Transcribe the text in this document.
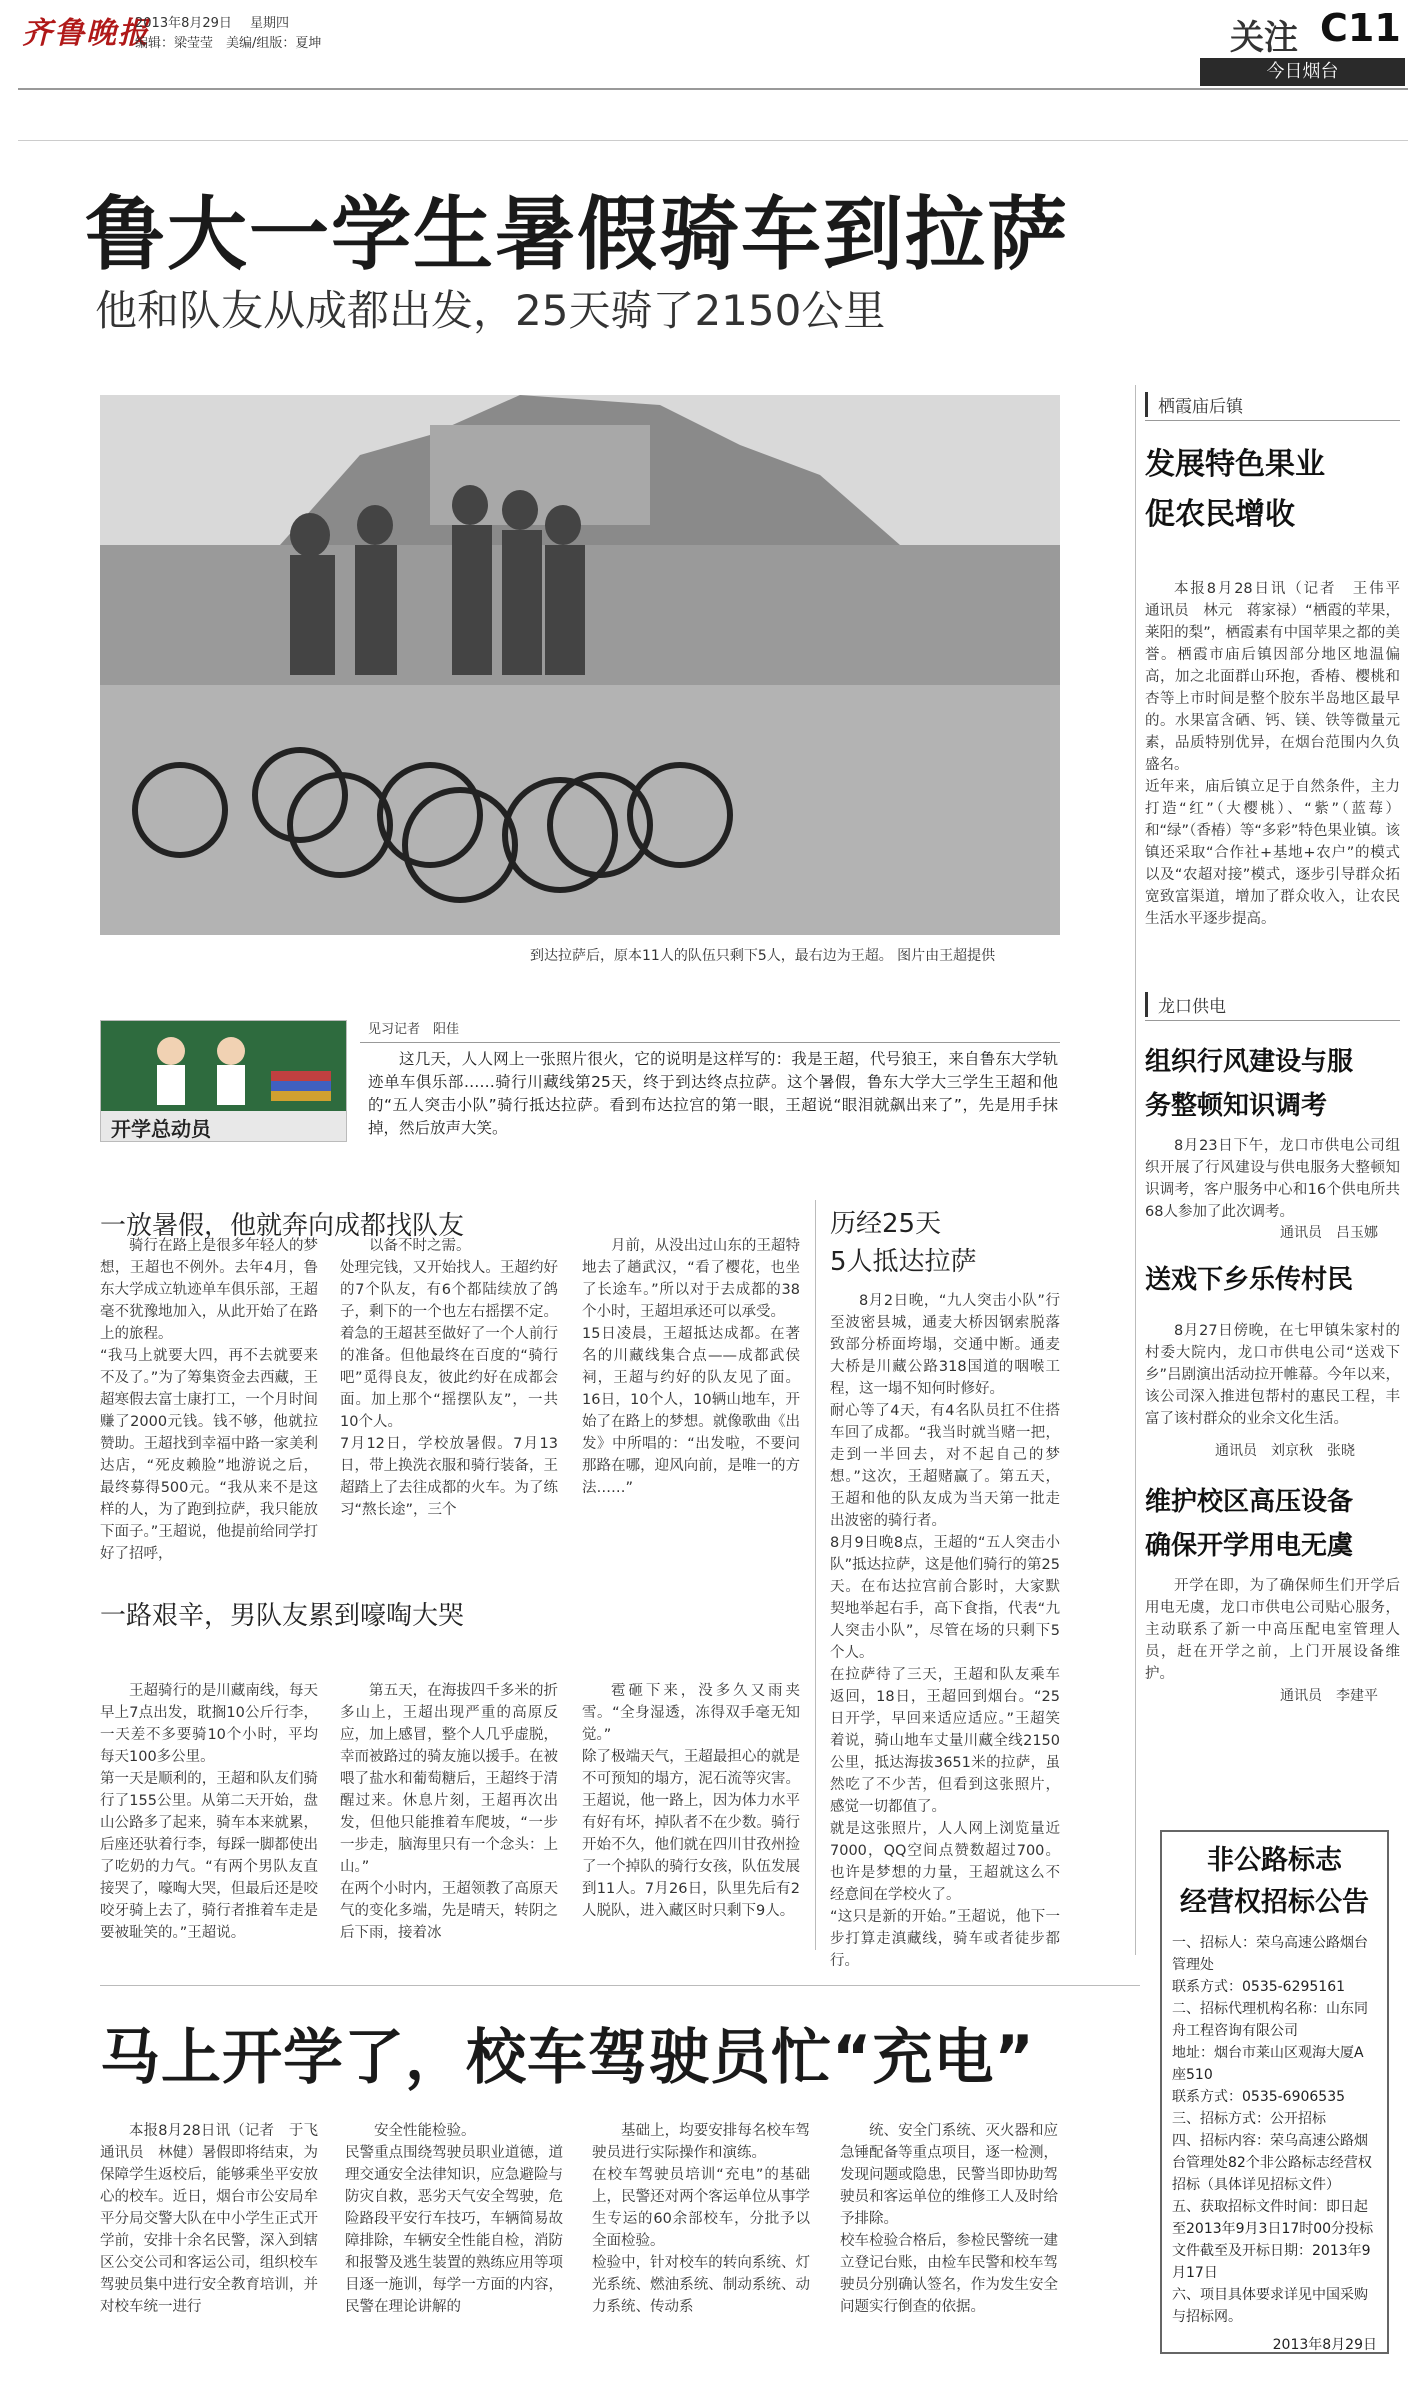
齐鲁晚报
2013年8月29日 星期四
编辑：梁莹莹　美编/组版：夏坤	关注 C11
今日烟台
鲁大一学生暑假骑车到拉萨
他和队友从成都出发，25天骑了2150公里
到达拉萨后，原本11人的队伍只剩下5人，最右边为王超。 图片由王超提供
开学总动员
见习记者　阳佳
这几天，人人网上一张照片很火，它的说明是这样写的：我是王超，代号狼王，来自鲁东大学轨迹单车俱乐部……骑行川藏线第25天，终于到达终点拉萨。这个暑假，鲁东大学大三学生王超和他的“五人突击小队”骑行抵达拉萨。看到布达拉宫的第一眼，王超说“眼泪就飙出来了”，先是用手抹掉，然后放声大笑。
一放暑假，他就奔向成都找队友
骑行在路上是很多年轻人的梦想，王超也不例外。去年4月，鲁东大学成立轨迹单车俱乐部，王超毫不犹豫地加入，从此开始了在路上的旅程。
“我马上就要大四，再不去就要来不及了。”为了筹集资金去西藏，王超寒假去富士康打工，一个月时间赚了2000元钱。钱不够，他就拉赞助。王超找到幸福中路一家美利达店，“死皮赖脸”地游说之后，最终募得500元。“我从来不是这样的人，为了跑到拉萨，我只能放下面子。”王超说，他提前给同学打好了招呼，
以备不时之需。
处理完钱，又开始找人。王超约好的7个队友，有6个都陆续放了鸽子，剩下的一个也左右摇摆不定。着急的王超甚至做好了一个人前行的准备。但他最终在百度的“骑行吧”觅得良友，彼此约好在成都会面。加上那个“摇摆队友”，一共10个人。
7月12日，学校放暑假。7月13日，带上换洗衣服和骑行装备，王超踏上了去往成都的火车。为了练习“熬长途”，三个
月前，从没出过山东的王超特地去了趟武汉，“看了樱花，也坐了长途车。”所以对于去成都的38个小时，王超坦承还可以承受。
15日凌晨，王超抵达成都。在著名的川藏线集合点——成都武侯祠，王超与约好的队友见了面。16日，10个人，10辆山地车，开始了在路上的梦想。就像歌曲《出发》中所唱的：“出发啦，不要问那路在哪，迎风向前，是唯一的方法……”
一路艰辛，男队友累到嚎啕大哭
王超骑行的是川藏南线，每天早上7点出发，耽搁10公斤行李，一天差不多要骑10个小时，平均每天100多公里。
第一天是顺利的，王超和队友们骑行了155公里。从第二天开始，盘山公路多了起来，骑车本来就累，后座还驮着行李，每踩一脚都使出了吃奶的力气。“有两个男队友直接哭了，嚎啕大哭，但最后还是咬咬牙骑上去了，骑行者推着车走是要被耻笑的。”王超说。
第五天，在海拔四千多米的折多山上，王超出现严重的高原反应，加上感冒，整个人几乎虚脱，幸而被路过的骑友施以援手。在被喂了盐水和葡萄糖后，王超终于清醒过来。休息片刻，王超再次出发，但他只能推着车爬坡，“一步一步走，脑海里只有一个念头：上山。”
在两个小时内，王超领教了高原天气的变化多端，先是晴天，转阴之后下雨，接着冰
雹砸下来，没多久又雨夹雪。“全身湿透，冻得双手毫无知觉。”
除了极端天气，王超最担心的就是不可预知的塌方，泥石流等灾害。王超说，他一路上，因为体力水平有好有坏，掉队者不在少数。骑行开始不久，他们就在四川甘孜州捡了一个掉队的骑行女孩，队伍发展到11人。7月26日，队里先后有2人脱队，进入藏区时只剩下9人。
历经25天
5人抵达拉萨
8月2日晚，“九人突击小队”行至波密县城，通麦大桥因钢索脱落致部分桥面垮塌，交通中断。通麦大桥是川藏公路318国道的咽喉工程，这一塌不知何时修好。
耐心等了4天，有4名队员扛不住搭车回了成都。“我当时就当赌一把，走到一半回去，对不起自己的梦想。”这次，王超赌赢了。第五天，王超和他的队友成为当天第一批走出波密的骑行者。
8月9日晚8点，王超的“五人突击小队”抵达拉萨，这是他们骑行的第25天。在布达拉宫前合影时，大家默契地举起右手，高下食指，代表“九人突击小队”，尽管在场的只剩下5个人。
在拉萨待了三天，王超和队友乘车返回，18日，王超回到烟台。“25日开学，早回来适应适应。”王超笑着说，骑山地车丈量川藏全线2150公里，抵达海拔3651米的拉萨，虽然吃了不少苦，但看到这张照片，感觉一切都值了。
就是这张照片，人人网上浏览量近7000，QQ空间点赞数超过700。也许是梦想的力量，王超就这么不经意间在学校火了。
“这只是新的开始。”王超说，他下一步打算走滇藏线，骑车或者徒步都行。
栖霞庙后镇
发展特色果业
促农民增收
本报8月28日讯（记者　王伟平　通讯员　林元　蒋家禄）“栖霞的苹果，莱阳的梨”，栖霞素有中国苹果之都的美誉。栖霞市庙后镇因部分地区地温偏高，加之北面群山环抱，香椿、樱桃和杏等上市时间是整个胶东半岛地区最早的。水果富含硒、钙、镁、铁等微量元素，品质特别优异，在烟台范围内久负盛名。
近年来，庙后镇立足于自然条件，主力打造“红”（大樱桃）、“紫”（蓝莓）和“绿”（香椿）等“多彩”特色果业镇。该镇还采取“合作社+基地+农户”的模式以及“农超对接”模式，逐步引导群众拓宽致富渠道，增加了群众收入，让农民生活水平逐步提高。
龙口供电
组织行风建设与服
务整顿知识调考
8月23日下午，龙口市供电公司组织开展了行风建设与供电服务大整顿知识调考，客户服务中心和16个供电所共68人参加了此次调考。
通讯员　吕玉娜
送戏下乡乐传村民
8月27日傍晚，在七甲镇朱家村的村委大院内，龙口市供电公司“送戏下乡”吕剧演出活动拉开帷幕。今年以来，该公司深入推进包帮村的惠民工程，丰富了该村群众的业余文化生活。
通讯员　刘京秋　张晓
维护校区高压设备
确保开学用电无虞
开学在即，为了确保师生们开学后用电无虞，龙口市供电公司贴心服务，主动联系了新一中高压配电室管理人员，赶在开学之前，上门开展设备维护。
通讯员　李建平
非公路标志
经营权招标公告
一、招标人：荣乌高速公路烟台管理处
联系方式：0535-6295161
二、招标代理机构名称：山东同舟工程咨询有限公司
地址：烟台市莱山区观海大厦A座510
联系方式：0535-6906535
三、招标方式：公开招标
四、招标内容：荣乌高速公路烟台管理处82个非公路标志经营权招标（具体详见招标文件）
五、获取招标文件时间：即日起至2013年9月3日17时00分投标文件截至及开标日期：2013年9月17日
六、项目具体要求详见中国采购与招标网。
2013年8月29日
马上开学了，校车驾驶员忙“充电”
本报8月28日讯（记者　于飞　通讯员　林健）暑假即将结束，为保障学生返校后，能够乘坐平安放心的校车。近日，烟台市公安局牟平分局交警大队在中小学生正式开学前，安排十余名民警，深入到辖区公交公司和客运公司，组织校车驾驶员集中进行安全教育培训，并对校车统一进行
安全性能检验。
民警重点围绕驾驶员职业道德，道理交通安全法律知识，应急避险与防灾自救，恶劣天气安全驾驶，危险路段平安行车技巧，车辆简易故障排除，车辆安全性能自检，消防和报警及逃生装置的熟练应用等项目逐一施训，每学一方面的内容，民警在理论讲解的
基础上，均要安排每名校车驾驶员进行实际操作和演练。
在校车驾驶员培训“充电”的基础上，民警还对两个客运单位从事学生专运的60余部校车，分批予以全面检验。
检验中，针对校车的转向系统、灯光系统、燃油系统、制动系统、动力系统、传动系
统、安全门系统、灭火器和应急锤配备等重点项目，逐一检测，发现问题或隐患，民警当即协助驾驶员和客运单位的维修工人及时给予排除。
校车检验合格后，参检民警统一建立登记台账，由检车民警和校车驾驶员分别确认签名，作为发生安全问题实行倒查的依据。
